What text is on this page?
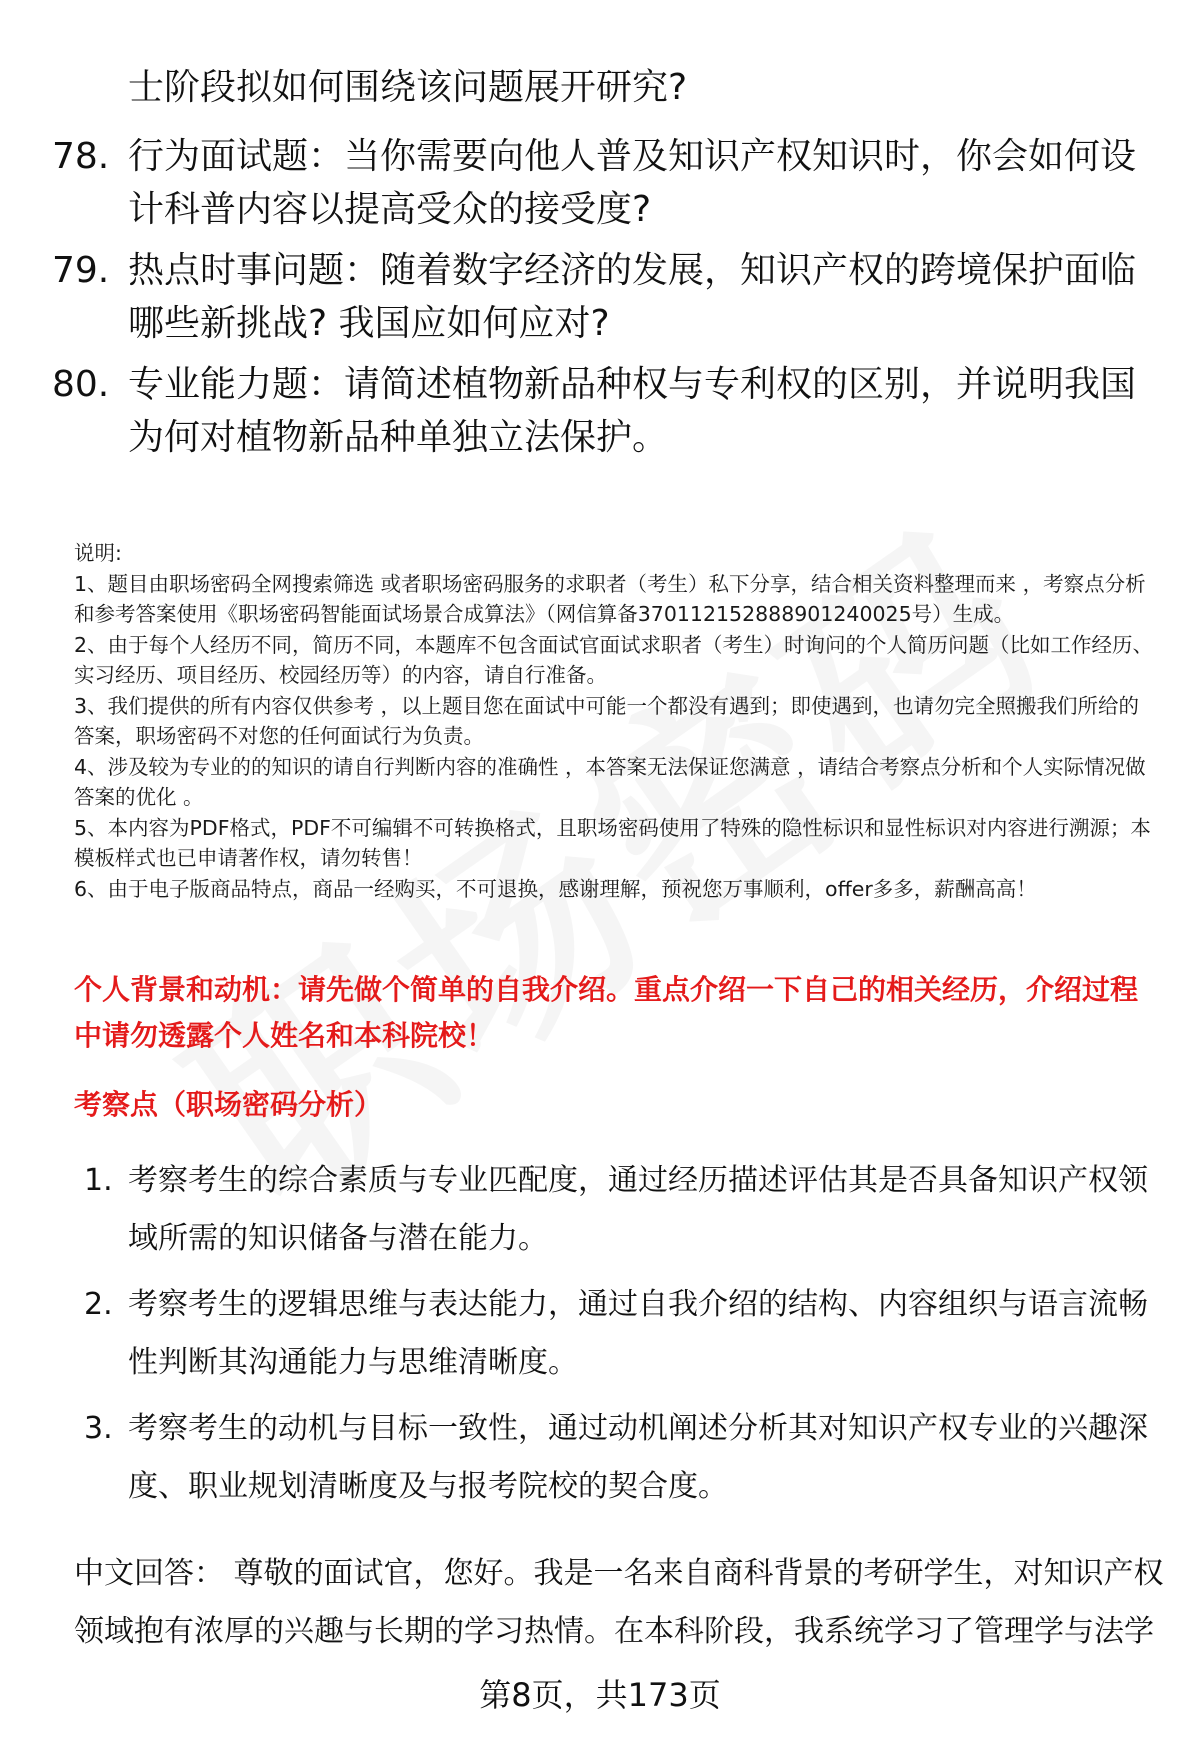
士阶段拟如何围绕该问题展开研究?
78. 行为面试题：当你需要向他人普及知识产权知识时，你会如何设计科普内容以提高受众的接受度?
79. 热点时事问题：随着数字经济的发展，知识产权的跨境保护面临哪些新挑战? 我国应如何应对?
80. 专业能力题：请简述植物新品种权与专利权的区别，并说明我国为何对植物新品种单独立法保护。
说明:
1、题目由职场密码全网搜索筛选 或者职场密码服务的求职者（考生）私下分享，结合相关资料整理而来 ，考察点分析和参考答案使用《职场密码智能面试场景合成算法》（网信算备370112152888901240025号）生成。
2、由于每个人经历不同，简历不同，本题库不包含面试官面试求职者（考生）时询问的个人简历问题（比如工作经历、实习经历、项目经历、校园经历等）的内容，请自行准备。
3、我们提供的所有内容仅供参考 ，以上题目您在面试中可能一个都没有遇到；即使遇到，也请勿完全照搬我们所给的答案，职场密码不对您的任何面试行为负责。
4、涉及较为专业的的知识的请自行判断内容的准确性 ，本答案无法保证您满意 ，请结合考察点分析和个人实际情况做答案的优化 。
5、本内容为PDF格式，PDF不可编辑不可转换格式，且职场密码使用了特殊的隐性标识和显性标识对内容进行溯源；本模板样式也已申请著作权，请勿转售！
6、由于电子版商品特点，商品一经购买，不可退换，感谢理解，预祝您万事顺利，offer多多，薪酬高高！
个人背景和动机：请先做个简单的自我介绍。重点介绍一下自己的相关经历，介绍过程中请勿透露个人姓名和本科院校！
考察点（职场密码分析）
1. 考察考生的综合素质与专业匹配度，通过经历描述评估其是否具备知识产权领域所需的知识储备与潜在能力。
2. 考察考生的逻辑思维与表达能力，通过自我介绍的结构、内容组织与语言流畅性判断其沟通能力与思维清晰度。
3. 考察考生的动机与目标一致性，通过动机阐述分析其对知识产权专业的兴趣深度、职业规划清晰度及与报考院校的契合度。
中文回答： 尊敬的面试官，您好。我是一名来自商科背景的考研学生，对知识产权领域抱有浓厚的兴趣与长期的学习热情。在本科阶段，我系统学习了管理学与法学
第8页，共173页
